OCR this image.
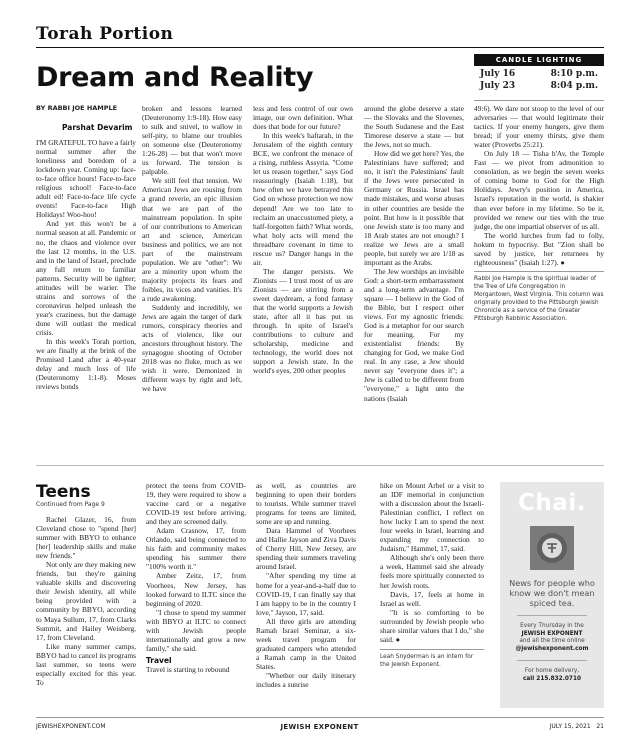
Torah Portion
Dream and Reality
CANDLE LIGHTING
July 16	8:10 p.m.
July 23	8:04 p.m.
BY RABBI JOE HAMPLE
Parshat Devarim

I'M GRATEFUL TO have a fairly normal summer after the loneliness and boredom of a lockdown year. Coming up: face-to-face office hours! Face-to-face religious school! Face-to-face adult ed! Face-to-face life cycle events! Face-to-face High Holidays! Woo-hoo!

And yet this won't be a normal season at all. Pandemic or no, the chaos and violence over the last 12 months, in the U.S. and in the land of Israel, preclude any full return to familiar patterns. Security will be tighter; attitudes will be warier. The strains and sorrows of the coronavirus helped unleash the year's craziness, but the damage done will outlast the medical crisis.

In this week's Torah portion, we are finally at the brink of the Promised Land after a 40-year delay and much loss of life (Deuteronomy 1:1-8). Moses reviews bonds

broken and lessons learned (Deuteronomy 1:9-18). How easy to sulk and snivel, to wallow in self-pity, to blame our troubles on someone else (Deuteronomy 1:26-28) — but that won't move us forward. The tension is palpable.

We still feel that tension. We American Jews are rousing from a grand reverie, an epic illusion that we are part of the mainstream population. In spite of our contributions to American art and science, American business and politics, we are not part of the mainstream population. We are "other": We are a minority upon whom the majority projects its fears and foibles, its vices and vanities. It's a rude awakening.

Suddenly and incredibly, we Jews are again the target of dark rumors, conspiracy theories and acts of violence, like our ancestors throughout history. The synagogue shooting of October 2018 was no fluke, much as we wish it were. Demonized in different ways by right and left, we have

less and less control of our own image, our own definition. What does that bode for our future?

In this week's haftarah, in the Jerusalem of the eighth century BCE, we confront the menace of a rising, ruthless Assyria. "Come let us reason together," says God reassuringly (Isaiah 1:18), but how often we have betrayed this God on whose protection we now depend! Are we too late to reclaim an unaccustomed piety, a half-forgotten faith? What words, what holy acts will mend the threadbare covenant in time to rescue us? Danger hangs in the air.

The danger persists. We Zionists — I trust most of us are Zionists — are stirring from a sweet daydream, a fond fantasy that the world supports a Jewish state, after all it has put us through. In spite of Israel's contributions to culture and scholarship, medicine and technology, the world does not support a Jewish state. In the world's eyes, 200 other peoples

around the globe deserve a state — the Slovaks and the Slovenes, the South Sudanese and the East Timorese deserve a state — but the Jews, not so much.

How did we get here? Yes, the Palestinians have suffered; and no, it isn't the Palestinians' fault if the Jews were persecuted in Germany or Russia. Israel has made mistakes, and worse abuses in other countries are beside the point. But how is it possible that one Jewish state is too many and 18 Arab states are not enough? I realize we Jews are a small people, but surely we are 1/18 as important as the Arabs.

The Jew worships an invisible God: a short-term embarrassment and a long-term advantage. I'm square — I believe in the God of the Bible, but I respect other views. For my agnostic friends: God is a metaphor for our search for meaning. For my existentialist friends: By changing for God, we make God real. In any case, a Jew should never say "everyone does it"; a Jew is called to be different from "everyone," a light unto the nations (Isaiah

49:6). We dare not stoop to the level of our adversaries — that would legitimate their tactics. If your enemy hungers, give them bread; if your enemy thirsts, give them water (Proverbs 25:21).

On July 18 — Tisha b'Av, the Temple Fast — we pivot from admonition to consolation, as we begin the seven weeks of coming home to God for the High Holidays. Jewry's position in America, Israel's reputation in the world, is shakier than ever before in my lifetime. So be it, provided we renew our ties with the true judge, the one impartial observer of us all.

The world lurches from fad to folly, hokum to hypocrisy. But "Zion shall be saved by justice, her returnees by righteousness" (Isaiah 1:27). ●

Rabbi Joe Hample is the spiritual leader of the Tree of Life Congregation in Morgantown, West Virginia. This column was originally provided to the Pittsburgh Jewish Chronicle as a service of the Greater Pittsburgh Rabbinic Association.
Teens
Continued from Page 9

Rachel Glazer, 16, from Cleveland chose to "spend [her] summer with BBYO to enhance [her] leadership skills and make new friends."

Not only are they making new friends, but they're gaining valuable skills and discovering their Jewish identity, all while being provided with a community by BBYO, according to Maya Sullum, 17, from Clarks Summit, and Hailey Weisberg, 17, from Cleveland.

Like many summer camps, BBYO had to cancel its programs last summer, so teens were especially excited for this year. To

protect the teens from COVID-19, they were required to show a vaccine card or a negative COVID-19 test before arriving, and they are screened daily.

Adam Crasnow, 17, from Orlando, said being connected to his faith and community makes spending his summer there "100% worth it."

Amber Zeitz, 17, from Voorhees, New Jersey, has looked forward to ILTC since the beginning of 2020.

"I chose to spend my summer with BBYO at ILTC to connect with Jewish people internationally and grow a new family," she said.

Travel

Travel is starting to rebound

as well, as countries are beginning to open their borders to tourists. While summer travel programs for teens are limited, some are up and running.

Dara Hammel of Voorhees and Hallie Jayson and Ziva Davis of Cherry Hill, New Jersey, are spending their summers traveling around Israel.

"After spending my time at home for a year-and-a-half due to COVID-19, I can finally say that I am happy to be in the country I love," Jayson, 17, said.

All three girls are attending Ramah Israel Seminar, a six-week travel program for graduated campers who attended a Ramah camp in the United States.

"Whether our daily itinerary includes a sunrise

hike on Mount Arbel or a visit to an IDF memorial in conjunction with a discussion about the Israeli-Palestinian conflict, I reflect on how lucky I am to spend the next four weeks in Israel, learning and expanding my connection to Judaism," Hammel, 17, said.

Although she's only been there a week, Hammel said she already feels more spiritually connected to her Jewish roots.

Davis, 17, feels at home in Israel as well.

"It is so comforting to be surrounded by Jewish people who share similar values that I do," she said. ●

Leah Snyderman is an intern for the Jewish Exponent.
Chai.
News for people who know we don't mean spiced tea.
Every Thursday in the
JEWISH EXPONENT
and all the time online
@jewishexponent.com
For home delivery,
call 215.832.0710
JEWISHEXPONENT.COM	JEWISH EXPONENT	JULY 15, 2021   21
